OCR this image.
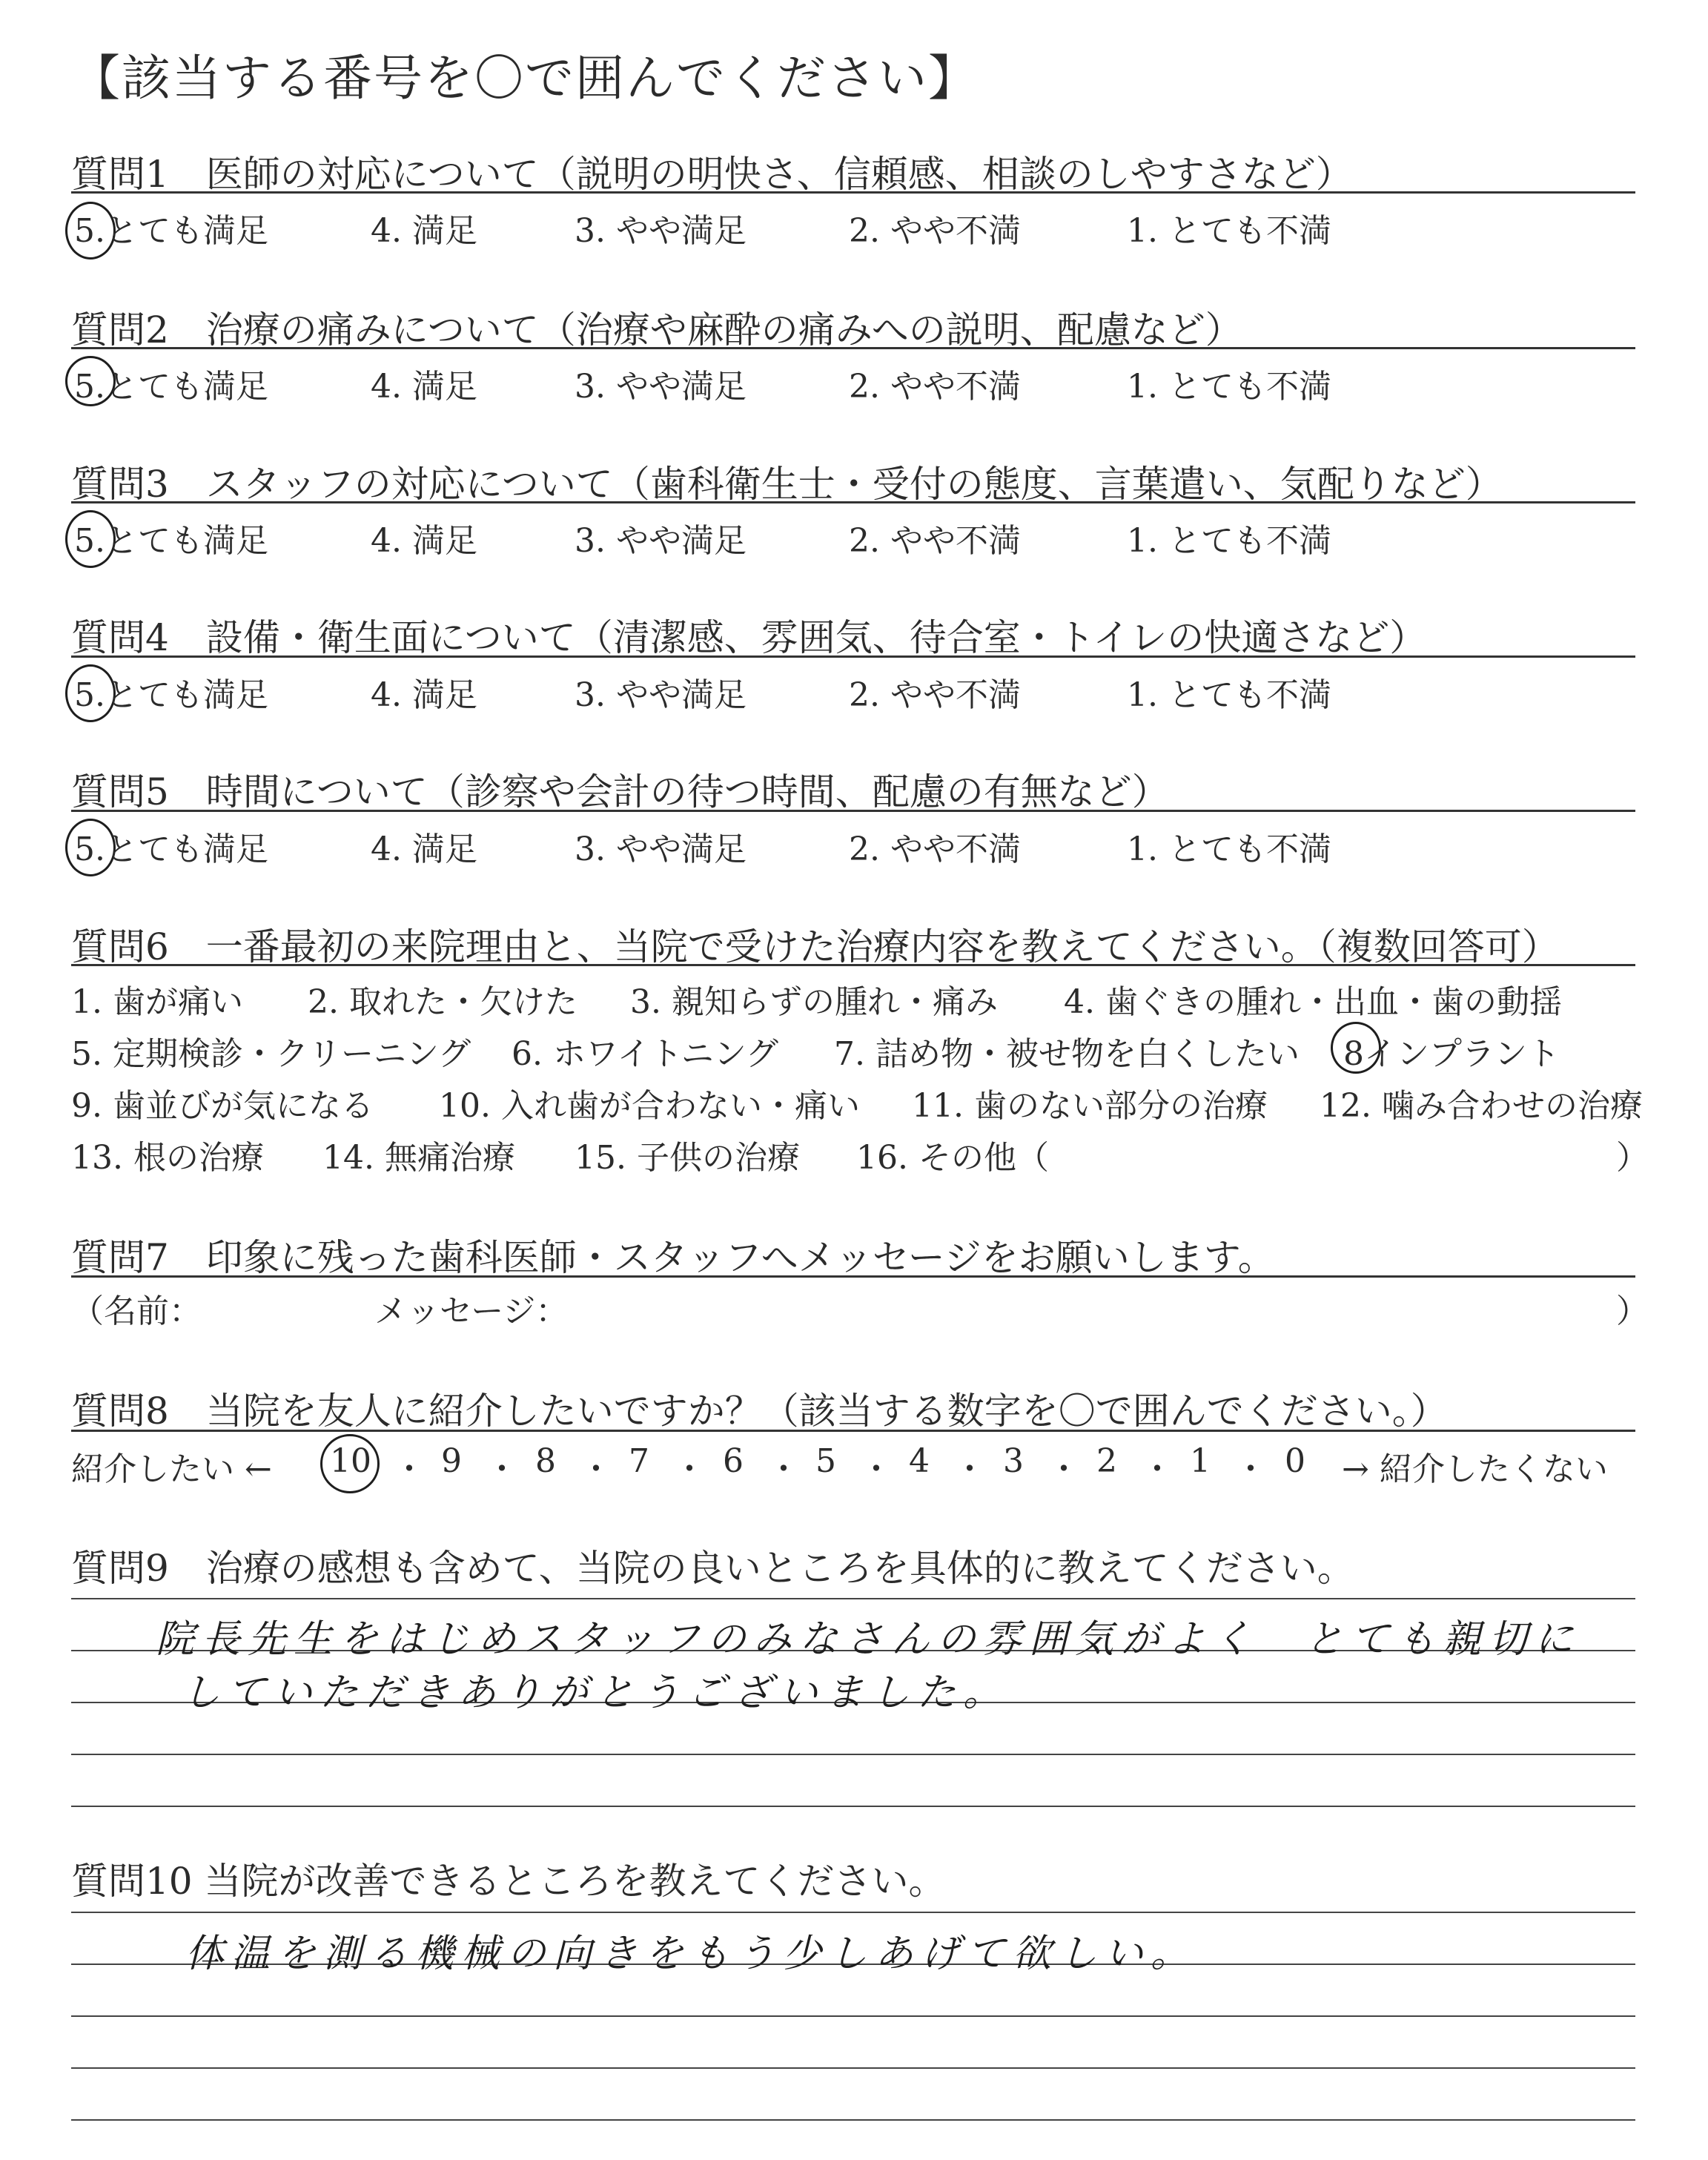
【該当する番号を〇で囲んでください】
質問1　医師の対応について（説明の明快さ、信頼感、相談のしやすさなど）
5.とても満足	4. 満足	3. やや満足	2. やや不満	1. とても不満
質問2　治療の痛みについて（治療や麻酔の痛みへの説明、配慮など）
5.とても満足	4. 満足	3. やや満足	2. やや不満	1. とても不満
質問3　スタッフの対応について（歯科衛生士・受付の態度、言葉遣い、気配りなど）
5.とても満足	4. 満足	3. やや満足	2. やや不満	1. とても不満
質問4　設備・衛生面について（清潔感、雰囲気、待合室・トイレの快適さなど）
5.とても満足	4. 満足	3. やや満足	2. やや不満	1. とても不満
質問5　時間について（診察や会計の待つ時間、配慮の有無など）
5.とても満足	4. 満足	3. やや満足	2. やや不満	1. とても不満
質問6　一番最初の来院理由と、当院で受けた治療内容を教えてください。（複数回答可）
1. 歯が痛い 2. 取れた・欠けた 3. 親知らずの腫れ・痛み 4. 歯ぐきの腫れ・出血・歯の動揺
5. 定期検診・クリーニング 6. ホワイトニング 7. 詰め物・被せ物を白くしたい 8インプラント
9. 歯並びが気になる 10. 入れ歯が合わない・痛い 11. 歯のない部分の治療 12. 噛み合わせの治療
13. 根の治療 14. 無痛治療 15. 子供の治療 16. その他（	）
質問7　印象に残った歯科医師・スタッフへメッセージをお願いします。
（名前：	メッセージ：	）
質問8　当院を友人に紹介したいですか？（該当する数字を〇で囲んでください。）
紹介したい ← 10 ・ 9 ・ 8 ・ 7 ・ 6 ・ 5 ・ 4 ・ 3 ・ 2 ・ 1 ・ 0 → 紹介したくない
質問9　治療の感想も含めて、当院の良いところを具体的に教えてください。
院長先生をはじめスタッフのみなさんの雰囲気がよく　とても親切に
していただきありがとうございました。
質問10 当院が改善できるところを教えてください。
体温を測る機械の向きをもう少しあげて欲しい。
